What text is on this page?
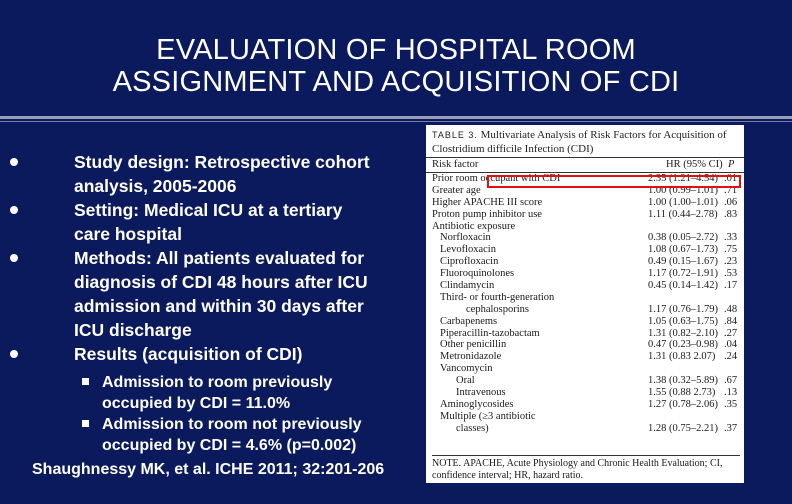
EVALUATION OF HOSPITAL ROOM
ASSIGNMENT AND ACQUISITION OF CDI

Study design: Retrospective cohort analysis, 2005-2006

Setting: Medical ICU at a tertiary care hospital

Methods: All patients evaluated for diagnosis of CDI 48 hours after ICU admission and within 30 days after ICU discharge

Results (acquisition of CDI)

Admission to room previously occupied by CDI = 11.0%

Admission to room not previously occupied by CDI = 4.6% (p=0.002)

TABLE 3. Multivariate Analysis of Risk Factors for Acquisition of Clostridium difficile Infection (CDI)
Risk factor	HR (95% CI) P
Prior room occupant with CDI	2.35 (1.21–4.54) .01
Greater age	1.00 (0.99–1.01) .71
Higher APACHE III score	1.00 (1.00–1.01) .06
Proton pump inhibitor use	1.11 (0.44–2.78) .83
Antibiotic exposure
Norfloxacin	0.38 (0.05–2.72) .33
Levofloxacin	1.08 (0.67–1.73) .75
Ciprofloxacin	0.49 (0.15–1.67) .23
Fluoroquinolones	1.17 (0.72–1.91) .53
Clindamycin	0.45 (0.14–1.42) .17
Third- or fourth-generation
cephalosporins	1.17 (0.76–1.79) .48
Carbapenems	1.05 (0.63–1.75) .84
Piperacillin-tazobactam	1.31 (0.82–2.10) .27
Other penicillin	0.47 (0.23–0.98) .04
Metronidazole	1.31 (0.83 2.07) .24
Vancomycin
Oral	1.38 (0.32–5.89) .67
Intravenous	1.55 (0.88 2.73) .13
Aminoglycosides	1.27 (0.78–2.06) .35
Multiple (≥3 antibiotic
classes)	1.28 (0.75–2.21) .37
NOTE. APACHE, Acute Physiology and Chronic Health Evaluation; CI, confidence interval; HR, hazard ratio.
Shaughnessy MK, et al. ICHE 2011; 32:201-206
